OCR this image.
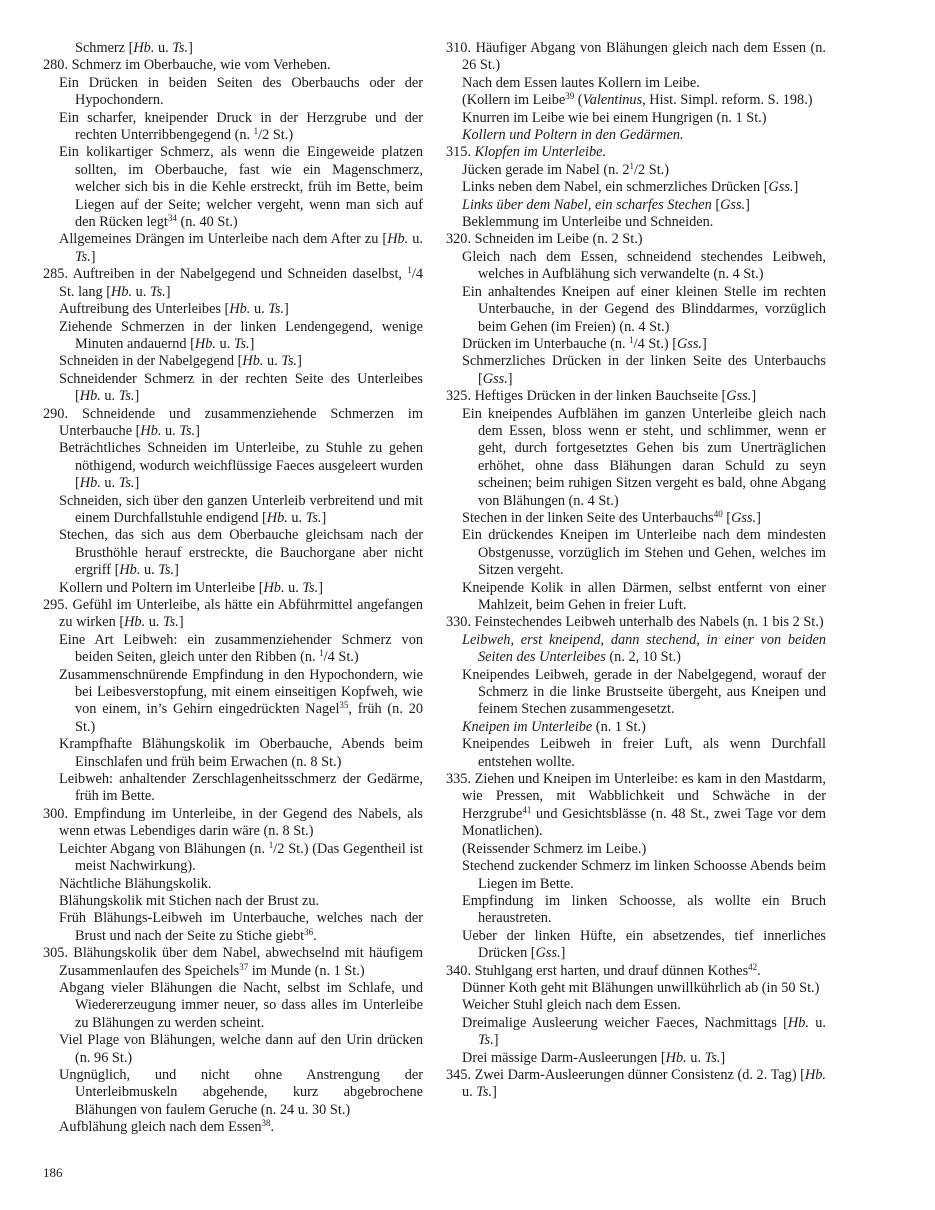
Schmerz [Hb. u. Ts.]
280. Schmerz im Oberbauche, wie vom Verheben.
Ein Drücken in beiden Seiten des Oberbauchs oder der Hypochondern.
Ein scharfer, kneipender Druck in der Herzgrube und der rechten Unterribbengegend (n. $^1$/2 St.)
Ein kolikartiger Schmerz, als wenn die Eingeweide platzen sollten, im Oberbauche, fast wie ein Magenschmerz, welcher sich bis in die Kehle erstreckt, früh im Bette, beim Liegen auf der Seite; welcher vergeht, wenn man sich auf den Rücken legt$^{34}$ (n. 40 St.)
Allgemeines Drängen im Unterleibe nach dem After zu [Hb. u. Ts.]
285. Auftreiben in der Nabelgegend und Schneiden daselbst, $^1$/4 St. lang [Hb. u. Ts.]
Auftreibung des Unterleibes [Hb. u. Ts.]
Ziehende Schmerzen in der linken Lendengegend, wenige Minuten andauernd [Hb. u. Ts.]
Schneiden in der Nabelgegend [Hb. u. Ts.]
Schneidender Schmerz in der rechten Seite des Unterleibes [Hb. u. Ts.]
290. Schneidende und zusammenziehende Schmerzen im Unterbauche [Hb. u. Ts.]
Beträchtliches Schneiden im Unterleibe, zu Stuhle zu gehen nöthigend, wodurch weichflüssige Faeces ausgeleert wurden [Hb. u. Ts.]
Schneiden, sich über den ganzen Unterleib verbreitend und mit einem Durchfallstuhle endigend [Hb. u. Ts.]
Stechen, das sich aus dem Oberbauche gleichsam nach der Brusthöhle herauf erstreckte, die Bauchorgane aber nicht ergriff [Hb. u. Ts.]
Kollern und Poltern im Unterleibe [Hb. u. Ts.]
295. Gefühl im Unterleibe, als hätte ein Abführmittel angefangen zu wirken [Hb. u. Ts.]
Eine Art Leibweh: ein zusammenziehender Schmerz von beiden Seiten, gleich unter den Ribben (n. $^1$/4 St.)
Zusammenschnürende Empfindung in den Hypochondern, wie bei Leibesverstopfung, mit einem einseitigen Kopfweh, wie von einem, in’s Gehirn eingedrückten Nagel$^{35}$, früh (n. 20 St.)
Krampfhafte Blähungskolik im Oberbauche, Abends beim Einschlafen und früh beim Erwachen (n. 8 St.)
Leibweh: anhaltender Zerschlagenheitsschmerz der Gedärme, früh im Bette.
300. Empfindung im Unterleibe, in der Gegend des Nabels, als wenn etwas Lebendiges darin wäre (n. 8 St.)
Leichter Abgang von Blähungen (n. $^1$/2 St.) (Das Gegentheil ist meist Nachwirkung).
Nächtliche Blähungskolik.
Blähungskolik mit Stichen nach der Brust zu.
Früh Blähungs-Leibweh im Unterbauche, welches nach der Brust und nach der Seite zu Stiche giebt$^{36}$.
305. Blähungskolik über dem Nabel, abwechselnd mit häufigem Zusammenlaufen des Speichels$^{37}$ im Munde (n. 1 St.)
Abgang vieler Blähungen die Nacht, selbst im Schlafe, und Wiedererzeugung immer neuer, so dass alles im Unterleibe zu Blähungen zu werden scheint.
Viel Plage von Blähungen, welche dann auf den Urin drücken (n. 96 St.)
Ungnüglich, und nicht ohne Anstrengung der Unterleibmuskeln abgehende, kurz abgebrochene Blähungen von faulem Geruche (n. 24 u. 30 St.)
Aufblähung gleich nach dem Essen$^{38}$.
310. Häufiger Abgang von Blähungen gleich nach dem Essen (n. 26 St.)
Nach dem Essen lautes Kollern im Leibe.
(Kollern im Leibe$^{39}$ (Valentinus, Hist. Simpl. reform. S. 198.)
Knurren im Leibe wie bei einem Hungrigen (n. 1 St.)
Kollern und Poltern in den Gedärmen.
315. Klopfen im Unterleibe.
Jücken gerade im Nabel (n. $2^1/2$ St.)
Links neben dem Nabel, ein schmerzliches Drücken [Gss.]
Links über dem Nabel, ein scharfes Stechen [Gss.]
Beklemmung im Unterleibe und Schneiden.
320. Schneiden im Leibe (n. 2 St.)
Gleich nach dem Essen, schneidend stechendes Leibweh, welches in Aufblähung sich verwandelte (n. 4 St.)
Ein anhaltendes Kneipen auf einer kleinen Stelle im rechten Unterbauche, in der Gegend des Blinddarmes, vorzüglich beim Gehen (im Freien) (n. 4 St.)
Drücken im Unterbauche (n. $^1$/4 St.) [Gss.]
Schmerzliches Drücken in der linken Seite des Unterbauchs [Gss.]
325. Heftiges Drücken in der linken Bauchseite [Gss.]
Ein kneipendes Aufblähen im ganzen Unterleibe gleich nach dem Essen, bloss wenn er steht, und schlimmer, wenn er geht, durch fortgesetztes Gehen bis zum Unerträglichen erhöhet, ohne dass Blähungen daran Schuld zu seyn scheinen; beim ruhigen Sitzen vergeht es bald, ohne Abgang von Blähungen (n. 4 St.)
Stechen in der linken Seite des Unterbauchs$^{40}$ [Gss.]
Ein drückendes Kneipen im Unterleibe nach dem mindesten Obstgenusse, vorzüglich im Stehen und Gehen, welches im Sitzen vergeht.
Kneipende Kolik in allen Därmen, selbst entfernt von einer Mahlzeit, beim Gehen in freier Luft.
330. Feinstechendes Leibweh unterhalb des Nabels (n. 1 bis 2 St.)
Leibweh, erst kneipend, dann stechend, in einer von beiden Seiten des Unterleibes (n. 2, 10 St.)
Kneipendes Leibweh, gerade in der Nabelgegend, worauf der Schmerz in die linke Brustseite übergeht, aus Kneipen und feinem Stechen zusammengesetzt.
Kneipen im Unterleibe (n. 1 St.)
Kneipendes Leibweh in freier Luft, als wenn Durchfall entstehen wollte.
335. Ziehen und Kneipen im Unterleibe: es kam in den Mastdarm, wie Pressen, mit Wabblichkeit und Schwäche in der Herzgrube$^{41}$ und Gesichtsblässe (n. 48 St., zwei Tage vor dem Monatlichen).
(Reissender Schmerz im Leibe.)
Stechend zuckender Schmerz im linken Schoosse Abends beim Liegen im Bette.
Empfindung im linken Schoosse, als wollte ein Bruch heraustreten.
Ueber der linken Hüfte, ein absetzendes, tief innerliches Drücken [Gss.]
340. Stuhlgang erst harten, und drauf dünnen Kothes$^{42}$.
Dünner Koth geht mit Blähungen unwillkührlich ab (in 50 St.)
Weicher Stuhl gleich nach dem Essen.
Dreimalige Ausleerung weicher Faeces, Nachmittags [Hb. u. Ts.]
Drei mässige Darm-Ausleerungen [Hb. u. Ts.]
345. Zwei Darm-Ausleerungen dünner Consistenz (d. 2. Tag) [Hb. u. Ts.]
186
